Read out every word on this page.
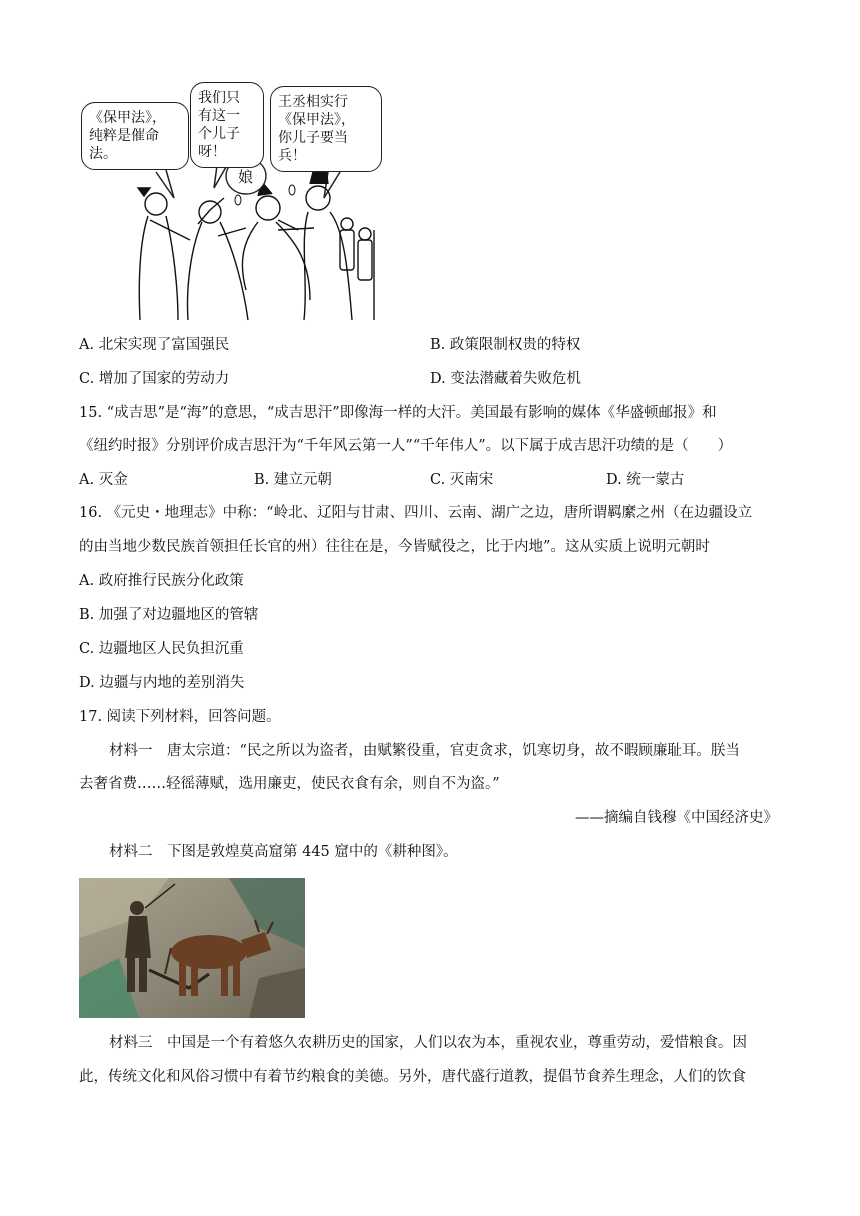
《保甲法》，
纯粹是催命
法。
我们只
有这一
个儿子
呀！
王丞相实行
《保甲法》，
你儿子要当
兵！
娘
A. 北宋实现了富国强民	B. 政策限制权贵的特权
C. 增加了国家的劳动力	D. 变法潜藏着失败危机
15. “成吉思”是“海”的意思，“成吉思汗”即像海一样的大汗。美国最有影响的媒体《华盛顿邮报》和
《纽约时报》分别评价成吉思汗为“千年风云第一人”“千年伟人”。以下属于成吉思汗功绩的是（　　）
A. 灭金	B. 建立元朝	C. 灭南宋	D. 统一蒙古
16. 《元史・地理志》中称：“岭北、辽阳与甘肃、四川、云南、湖广之边，唐所谓羁縻之州（在边疆设立
的由当地少数民族首领担任长官的州）往往在是，今皆赋役之，比于内地”。这从实质上说明元朝时
A. 政府推行民族分化政策
B. 加强了对边疆地区的管辖
C. 边疆地区人民负担沉重
D. 边疆与内地的差别消失
17. 阅读下列材料，回答问题。
材料一　唐太宗道：“民之所以为盗者，由赋繁役重，官吏贪求，饥寒切身，故不暇顾廉耻耳。朕当
去奢省费……轻徭薄赋，选用廉吏，使民衣食有余，则自不为盗。”
——摘编自钱穆《中国经济史》
材料二　下图是敦煌莫高窟第 445 窟中的《耕种图》。
材料三　中国是一个有着悠久农耕历史的国家，人们以农为本，重视农业，尊重劳动，爱惜粮食。因
此，传统文化和风俗习惯中有着节约粮食的美德。另外，唐代盛行道教，提倡节食养生理念，人们的饮食
